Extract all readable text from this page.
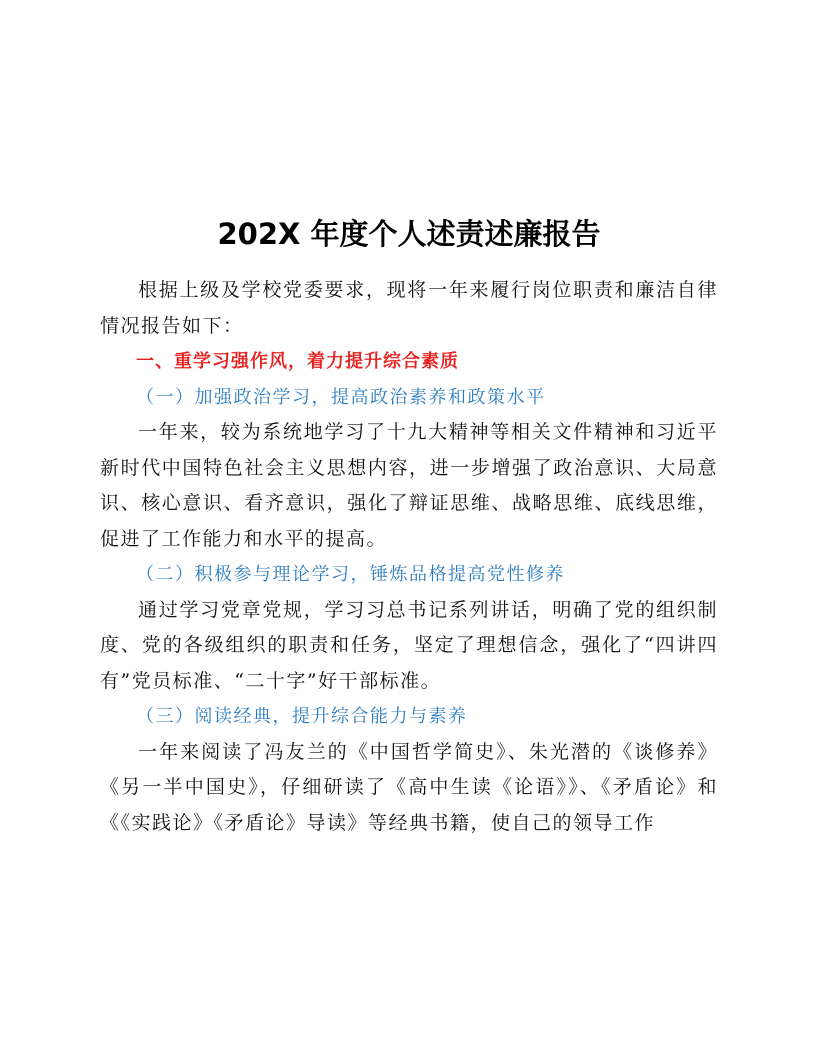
202X 年度个人述责述廉报告

根据上级及学校党委要求，现将一年来履行岗位职责和廉洁自律情况报告如下：

一、重学习强作风，着力提升综合素质

（一）加强政治学习，提高政治素养和政策水平

一年来，较为系统地学习了十九大精神等相关文件精神和习近平新时代中国特色社会主义思想内容，进一步增强了政治意识、大局意识、核心意识、看齐意识，强化了辩证思维、战略思维、底线思维，促进了工作能力和水平的提高。

（二）积极参与理论学习，锤炼品格提高党性修养

通过学习党章党规，学习习总书记系列讲话，明确了党的组织制度、党的各级组织的职责和任务，坚定了理想信念，强化了“四讲四有”党员标准、“二十字”好干部标准。

（三）阅读经典，提升综合能力与素养

一年来阅读了冯友兰的《中国哲学简史》、朱光潜的《谈修养》《另一半中国史》，仔细研读了《高中生读《论语》》、《矛盾论》和《《实践论》《矛盾论》导读》等经典书籍，使自己的领导工作
